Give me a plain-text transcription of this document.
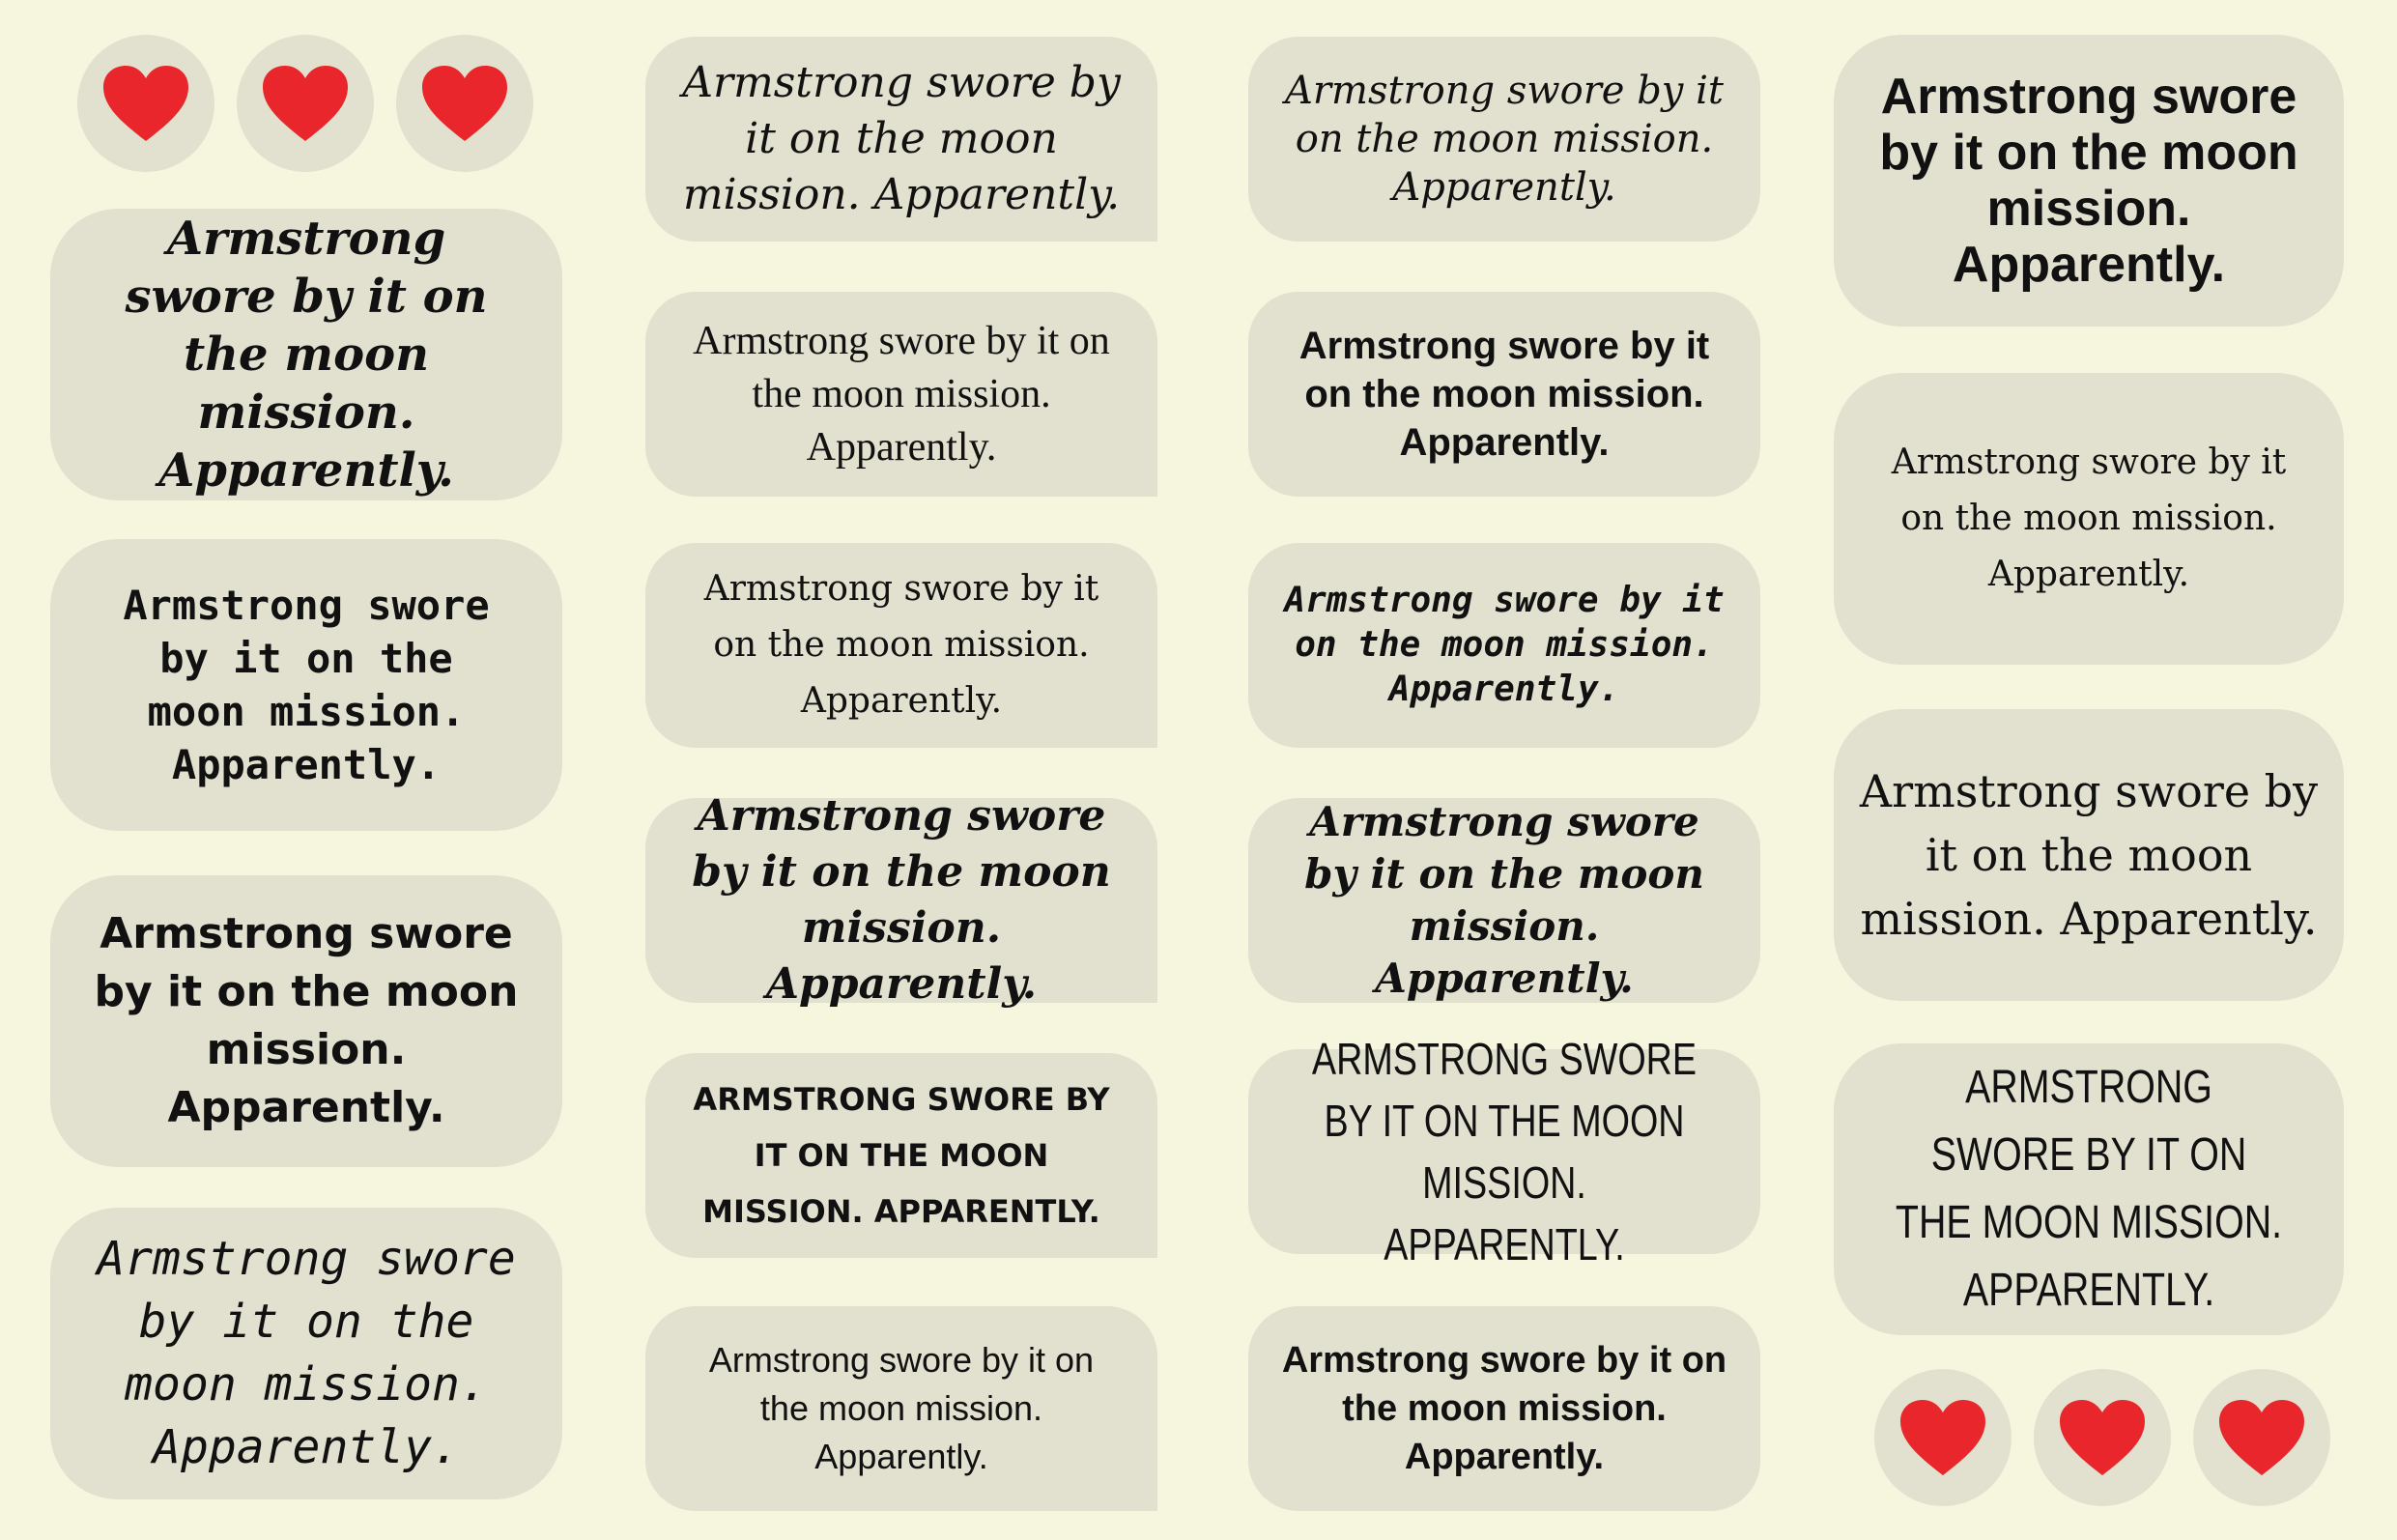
Armstrong swore by it on the moon mission. Apparently.
Armstrong swore by it on the moon mission. Apparently.
Armstrong swore by it on the moon mission. Apparently.
Armstrong swore by it on the moon mission. Apparently.
Armstrong swore by it on the moon mission. Apparently.
Armstrong swore by it on the moon mission. Apparently.
Armstrong swore by it on the moon mission. Apparently.
Armstrong swore by it on the moon mission. Apparently.
ARMSTRONG SWORE BY IT ON THE MOON MISSION. APPARENTLY.
Armstrong swore by it on the moon mission. Apparently.
Armstrong swore by it on the moon mission. Apparently.
Armstrong swore by it on the moon mission. Apparently.
Armstrong swore by it on the moon mission. Apparently.
Armstrong swore by it on the moon mission. Apparently.
ARMSTRONG SWORE BY IT ON THE MOON MISSION. APPARENTLY.
Armstrong swore by it on the moon mission. Apparently.
Armstrong swore by it on the moon mission. Apparently.
Armstrong swore by it on the moon mission. Apparently.
Armstrong swore by it on the moon mission. Apparently.
ARMSTRONG SWORE BY IT ON THE MOON MISSION. APPARENTLY.
